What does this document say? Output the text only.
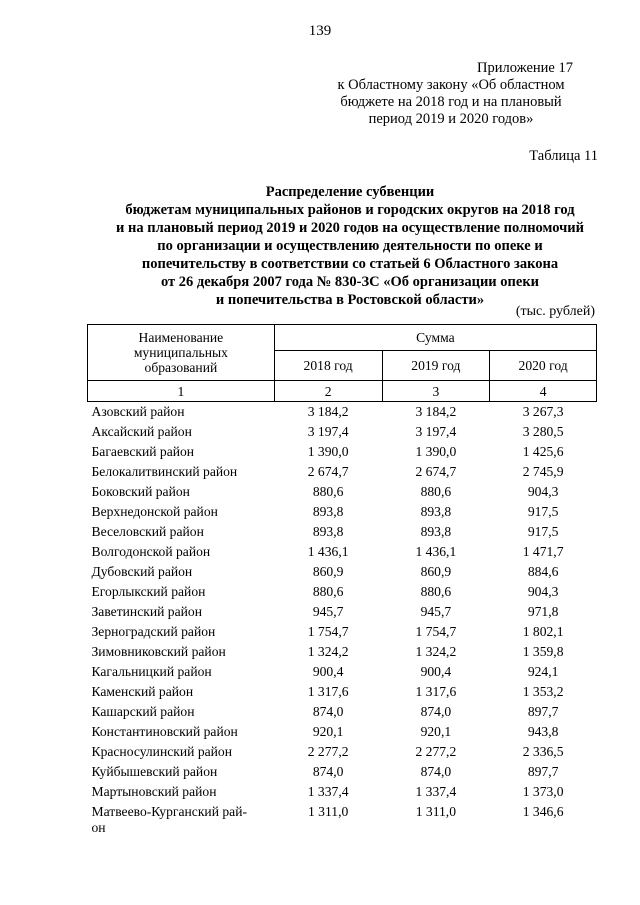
139
Приложение 17
к Областному закону «Об областном
бюджете на 2018 год и на плановый
период 2019 и 2020 годов»
Таблица 11
Распределение субвенции
бюджетам муниципальных районов и городских округов на 2018 год
и на плановый период 2019 и 2020 годов на осуществление полномочий
по организации и осуществлению деятельности по опеке и
попечительству в соответствии со статьей 6 Областного закона
от 26 декабря 2007 года № 830-ЗС «Об организации опеки
и попечительства в Ростовской области»
(тыс. рублей)
Наименование муниципальных образований	Сумма		
	2018 год	2019 год	2020 год
1	2	3	4
Азовский район	3 184,2	3 184,2	3 267,3
Аксайский район	3 197,4	3 197,4	3 280,5
Багаевский район	1 390,0	1 390,0	1 425,6
Белокалитвинский район	2 674,7	2 674,7	2 745,9
Боковский район	880,6	880,6	904,3
Верхнедонской район	893,8	893,8	917,5
Веселовский район	893,8	893,8	917,5
Волгодонской район	1 436,1	1 436,1	1 471,7
Дубовский район	860,9	860,9	884,6
Егорлыкский район	880,6	880,6	904,3
Заветинский район	945,7	945,7	971,8
Зерноградский район	1 754,7	1 754,7	1 802,1
Зимовниковский район	1 324,2	1 324,2	1 359,8
Кагальницкий район	900,4	900,4	924,1
Каменский район	1 317,6	1 317,6	1 353,2
Кашарский район	874,0	874,0	897,7
Константиновский район	920,1	920,1	943,8
Красносулинский район	2 277,2	2 277,2	2 336,5
Куйбышевский район	874,0	874,0	897,7
Мартыновский район	1 337,4	1 337,4	1 373,0

Матвеево-Курганский рай-
он	1 311,0	1 311,0	1 346,6
